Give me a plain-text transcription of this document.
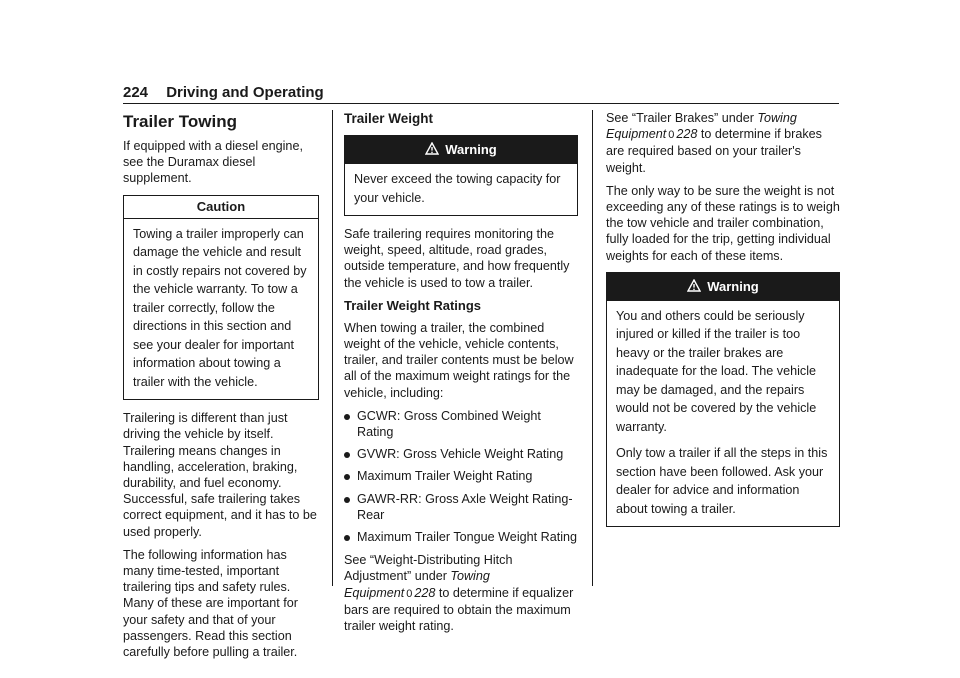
224 Driving and Operating
Trailer Towing

If equipped with a diesel engine, see the Duramax diesel supplement.

Caution

Towing a trailer improperly can damage the vehicle and result in costly repairs not covered by the vehicle warranty. To tow a trailer correctly, follow the directions in this section and see your dealer for important information about towing a trailer with the vehicle.

Trailering is different than just driving the vehicle by itself. Trailering means changes in handling, acceleration, braking, durability, and fuel economy. Successful, safe trailering takes correct equipment, and it has to be used properly.

The following information has many time-tested, important trailering tips and safety rules. Many of these are important for your safety and that of your passengers. Read this section carefully before pulling a trailer.

Trailer Weight
Warning

Never exceed the towing capacity for your vehicle.

Safe trailering requires monitoring the weight, speed, altitude, road grades, outside temperature, and how frequently the vehicle is used to tow a trailer.

Trailer Weight Ratings

When towing a trailer, the combined weight of the vehicle, vehicle contents, trailer, and trailer contents must be below all of the maximum weight ratings for the vehicle, including:

GCWR: Gross Combined Weight Rating
GVWR: Gross Vehicle Weight Rating
Maximum Trailer Weight Rating
GAWR-RR: Gross Axle Weight Rating-Rear
Maximum Trailer Tongue Weight Rating

See “Weight-Distributing Hitch Adjustment” under Towing Equipment 0 228 to determine if equalizer bars are required to obtain the maximum trailer weight rating.

See “Trailer Brakes” under Towing Equipment 0 228 to determine if brakes are required based on your trailer's weight.

The only way to be sure the weight is not exceeding any of these ratings is to weigh the tow vehicle and trailer combination, fully loaded for the trip, getting individual weights for each of these items.

Warning

You and others could be seriously injured or killed if the trailer is too heavy or the trailer brakes are inadequate for the load. The vehicle may be damaged, and the repairs would not be covered by the vehicle warranty.

Only tow a trailer if all the steps in this section have been followed. Ask your dealer for advice and information about towing a trailer.
